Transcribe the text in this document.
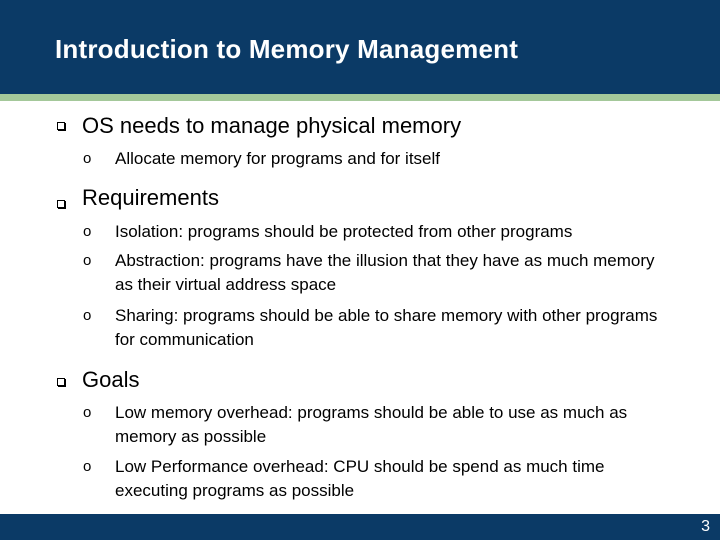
Introduction to Memory Management
OS needs to manage physical memory
o Allocate memory for programs and for itself
Requirements
o Isolation: programs should be protected from other programs
o Abstraction: programs have the illusion that they have as much memory as their virtual address space
o Sharing: programs should be able to share memory with other programs for communication
Goals
o Low memory overhead: programs should be able to use as much as memory as possible
o Low Performance overhead: CPU should be spend as much time executing programs as possible
3
